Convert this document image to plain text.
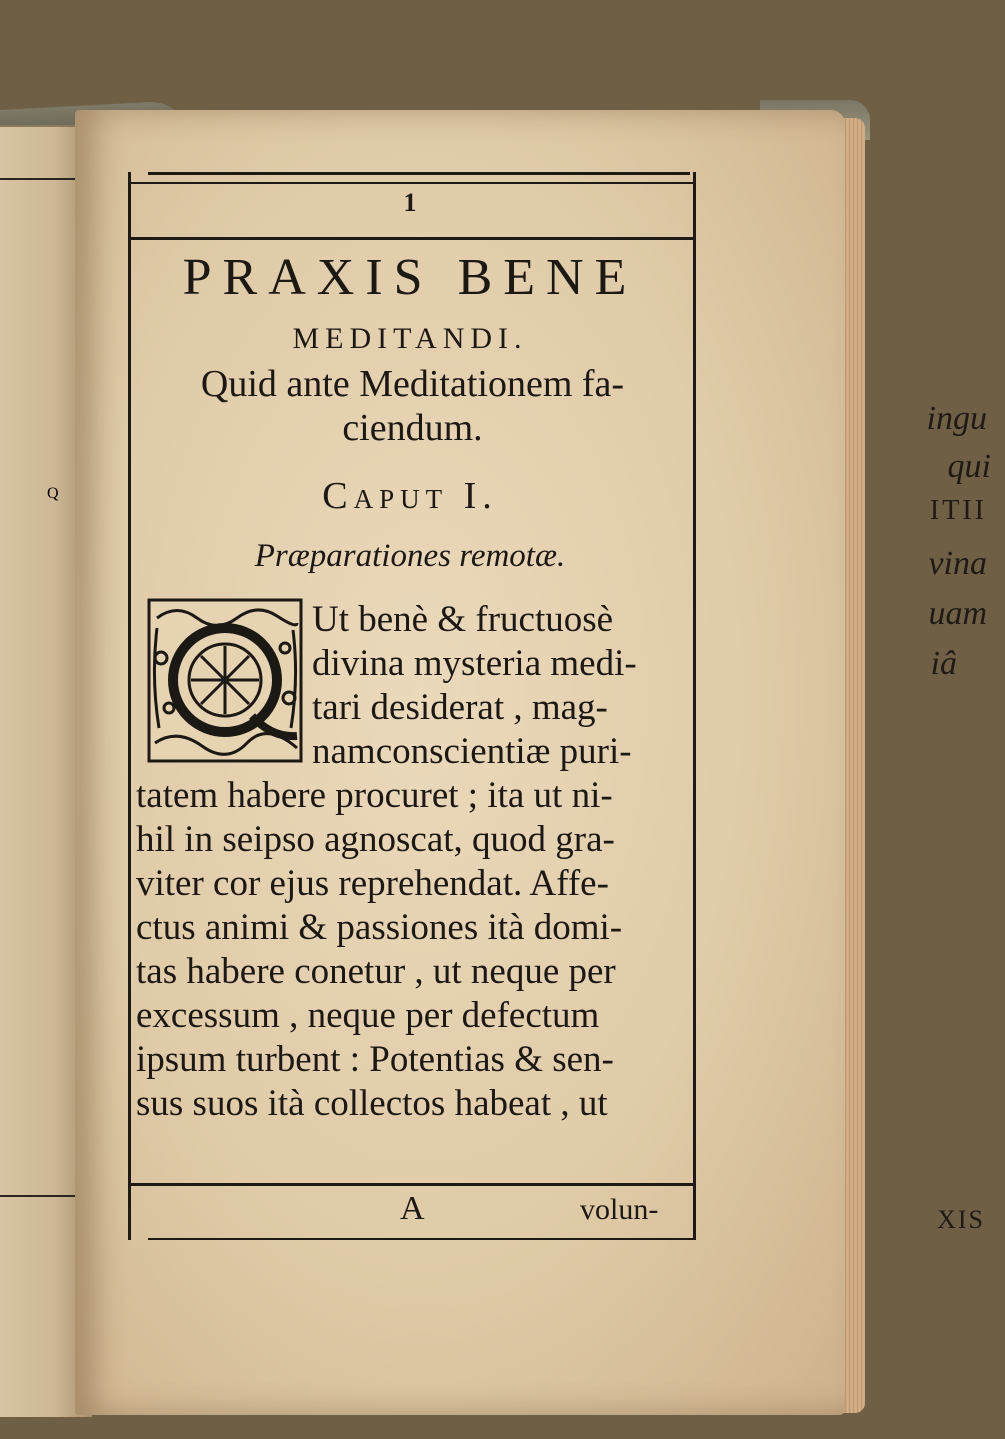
ingu
qui
ITII
vina
uam
iâ
XIS
1
PRAXIS BENE
MEDITANDI.
Quid ante Meditationem fa-
ciendum.
Caput I.
Præparationes remotæ.
Q
Ut benè & fructuosè
divina mysteria medi-
tari desiderat , mag-
namconscientiæ puri-
tatem habere procuret ; ita ut ni-
hil in seipso agnoscat, quod gra-
viter cor ejus reprehendat. Affe-
ctus animi & passiones ità domi-
tas habere conetur , ut neque per
excessum , neque per defectum
ipsum turbent : Potentias & sen-
sus suos ità collectos habeat , ut
A	volun-
